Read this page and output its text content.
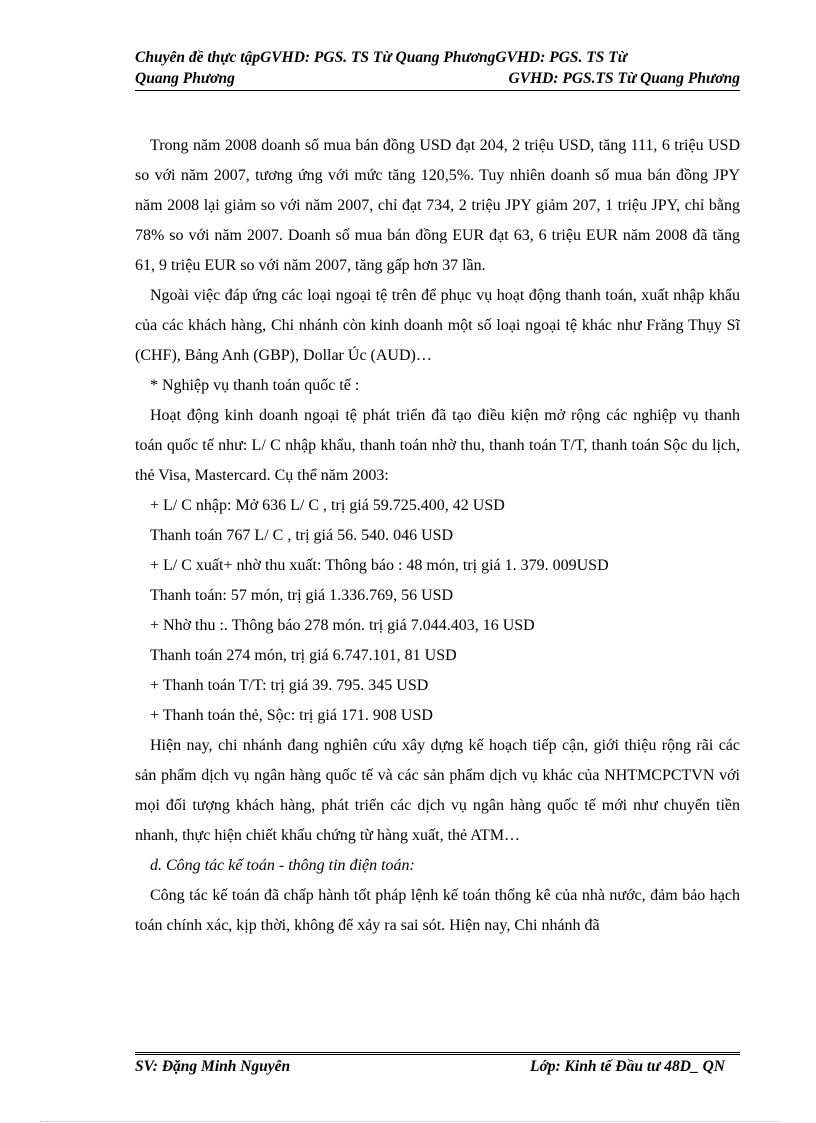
Chuyên đề thực tậpGVHD: PGS. TS Từ Quang PhươngGVHD: PGS. TS Từ
Quang Phương	GVHD: PGS.TS Từ Quang Phương

Trong năm 2008 doanh số mua bán đồng USD đạt 204, 2 triệu USD, tăng 111, 6 triệu USD so với năm 2007, tương ứng với mức tăng 120,5%. Tuy nhiên doanh số mua bán đồng JPY năm 2008 lại giảm so với năm 2007, chỉ đạt 734, 2 triệu JPY giảm 207, 1 triệu JPY, chỉ bằng 78% so với năm 2007. Doanh số mua bán đồng EUR đạt 63, 6 triệu EUR năm 2008 đã tăng 61, 9 triệu EUR so với năm 2007, tăng gấp hơn 37 lần.

Ngoài việc đáp ứng các loại ngoại tệ trên để phục vụ hoạt động thanh toán, xuất nhập khẩu của các khách hàng, Chi nhánh còn kinh doanh một số loại ngoại tệ khác như Frăng Thụy Sĩ (CHF), Bảng Anh (GBP), Dollar Úc (AUD)…

* Nghiệp vụ thanh toán quốc tế :

Hoạt động kinh doanh ngoại tệ phát triển đã tạo điều kiện mở rộng các nghiệp vụ thanh toán quốc tế như: L/ C nhập khẩu, thanh toán nhờ thu, thanh toán T/T, thanh toán Sộc du lịch, thẻ Visa, Mastercard. Cụ thể năm 2003:

+ L/ C nhập: Mở 636 L/ C , trị giá 59.725.400, 42 USD

Thanh toán 767 L/ C , trị giá 56. 540. 046 USD

+ L/ C xuất+ nhờ thu xuất: Thông báo : 48 món, trị giá 1. 379. 009USD

Thanh toán: 57 món, trị giá 1.336.769, 56 USD

+ Nhờ thu :. Thông báo 278 món. trị giá 7.044.403, 16 USD

Thanh toán 274 món, trị giá 6.747.101, 81 USD

+ Thanh toán T/T: trị giá 39. 795. 345 USD

+ Thanh toán thẻ, Sộc: trị giá 171. 908 USD

Hiện nay, chi nhánh đang nghiên cứu xây dựng kế hoạch tiếp cận, giới thiệu rộng rãi các sản phẩm dịch vụ ngân hàng quốc tế và các sản phẩm dịch vụ khác của NHTMCPCTVN với mọi đối tượng khách hàng, phát triển các dịch vụ ngân hàng quốc tế mới như chuyển tiền nhanh, thực hiện chiết khấu chứng từ hàng xuất, thẻ ATM…

d. Công tác kế toán - thông tin điện toán:

Công tác kế toán đã chấp hành tốt pháp lệnh kế toán thống kê của nhà nước, đảm bảo hạch toán chính xác, kịp thời, không để xảy ra sai sót. Hiện nay, Chi nhánh đã

SV: Đặng Minh Nguyên	Lớp: Kinh tế Đầu tư 48D_ QN
